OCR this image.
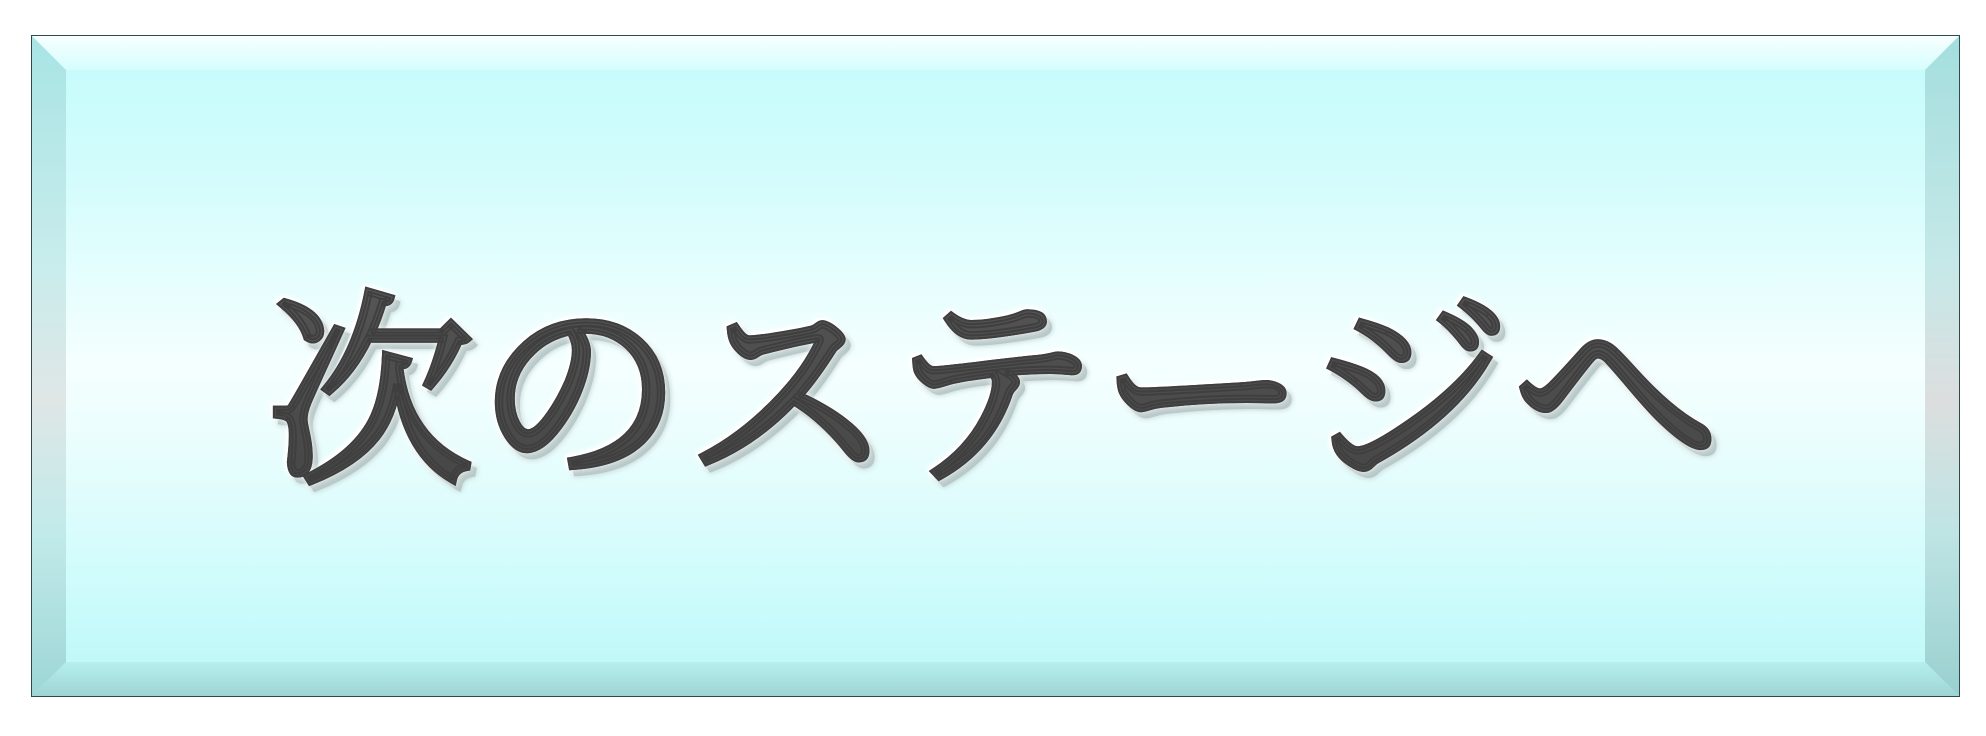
次のステージへ
